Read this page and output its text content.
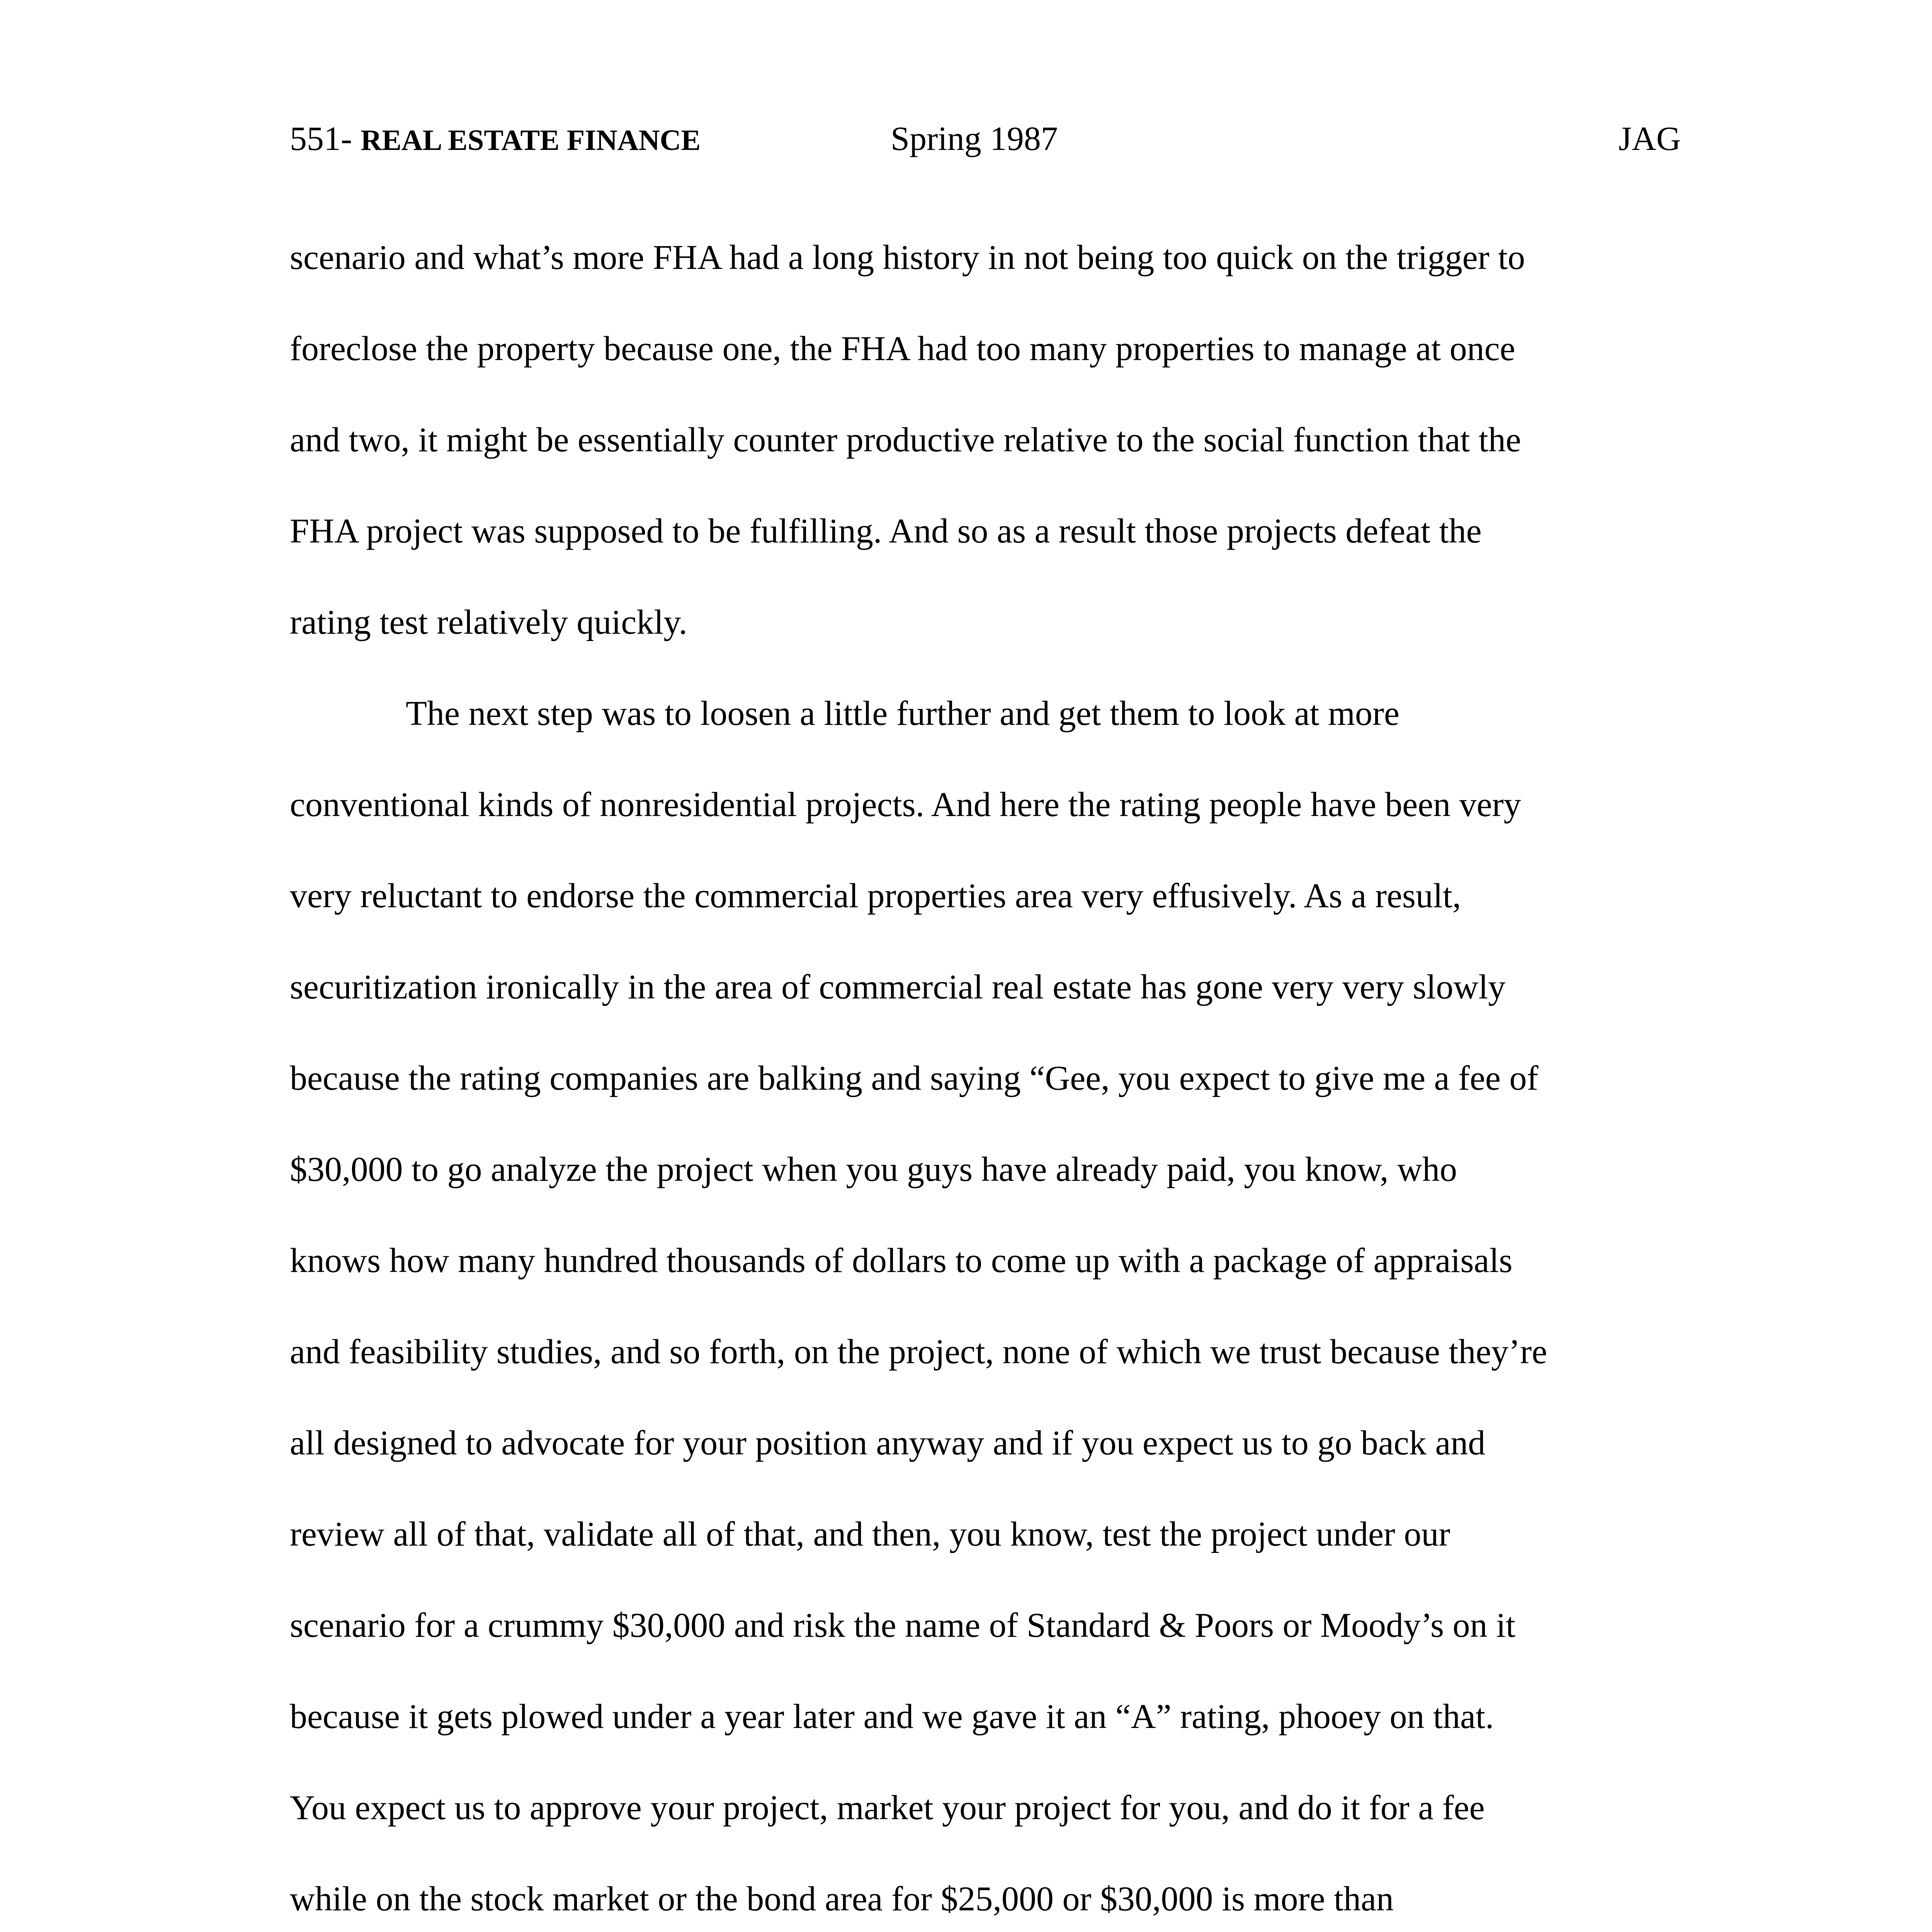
551- REAL ESTATE FINANCE	Spring 1987	JAG
scenario and what’s more FHA had a long history in not being too quick on the trigger to
foreclose the property because one, the FHA had too many properties to manage at once
and two, it might be essentially counter productive relative to the social function that the
FHA project was supposed to be fulfilling. And so as a result those projects defeat the
rating test relatively quickly.
The next step was to loosen a little further and get them to look at more
conventional kinds of nonresidential projects. And here the rating people have been very
very reluctant to endorse the commercial properties area very effusively. As a result,
securitization ironically in the area of commercial real estate has gone very very slowly
because the rating companies are balking and saying “Gee, you expect to give me a fee of
$30,000 to go analyze the project when you guys have already paid, you know, who
knows how many hundred thousands of dollars to come up with a package of appraisals
and feasibility studies, and so forth, on the project, none of which we trust because they’re
all designed to advocate for your position anyway and if you expect us to go back and
review all of that, validate all of that, and then, you know, test the project under our
scenario for a crummy $30,000 and risk the name of Standard & Poors or Moody’s on it
because it gets plowed under a year later and we gave it an “A” rating, phooey on that.
You expect us to approve your project, market your project for you, and do it for a fee
while on the stock market or the bond area for $25,000 or $30,000 is more than
